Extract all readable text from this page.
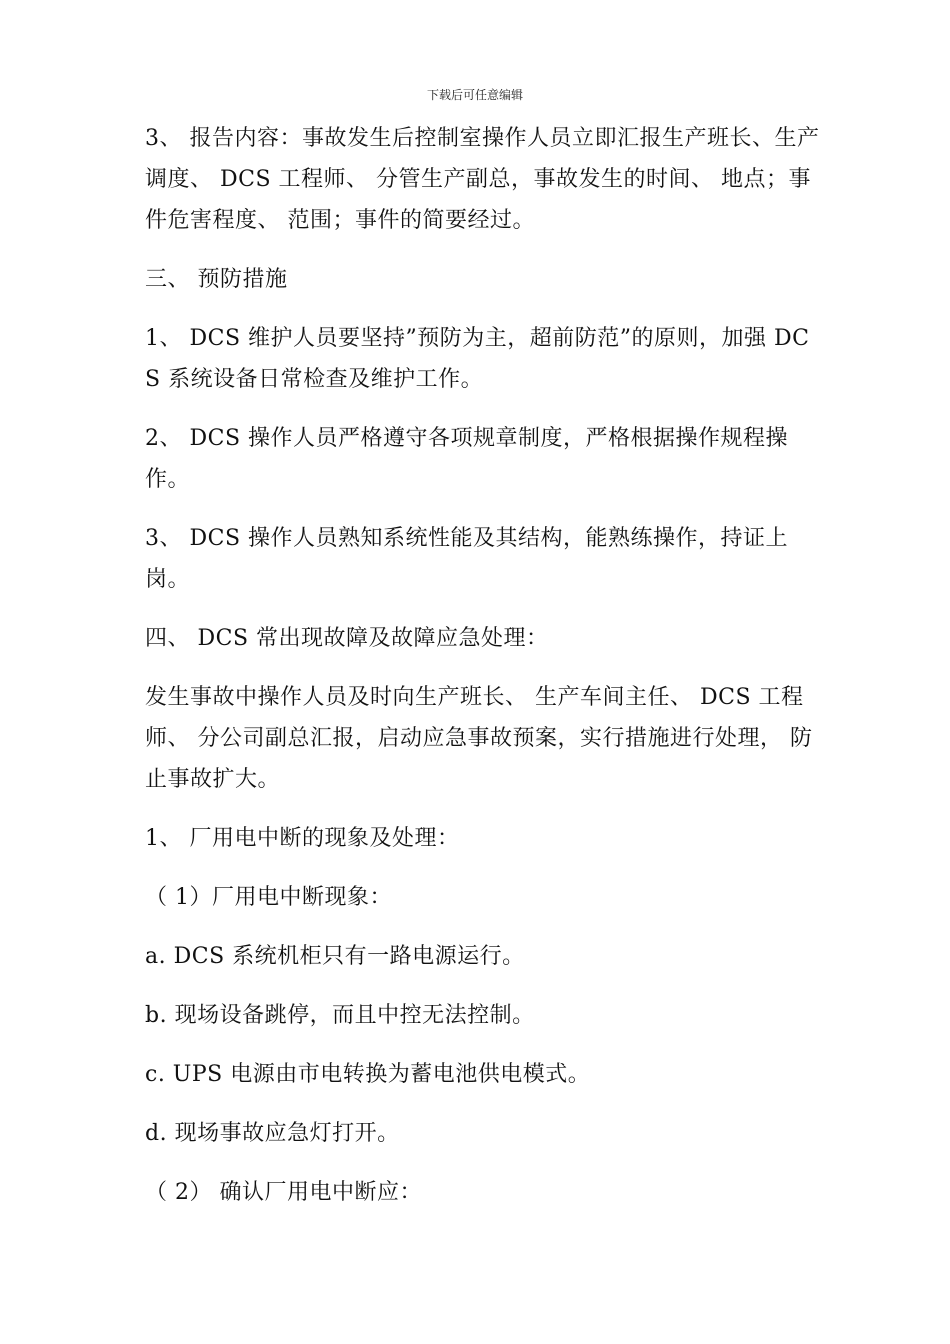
下载后可任意编辑

3、 报告内容：事故发生后控制室操作人员立即汇报生产班长、生产调度、 DCS 工程师、 分管生产副总，事故发生的时间、 地点；事件危害程度、 范围；事件的简要经过。

三、 预防措施

1、 DCS 维护人员要坚持”预防为主，超前防范”的原则，加强 DCS 系统设备日常检查及维护工作。

2、 DCS 操作人员严格遵守各项规章制度，严格根据操作规程操作。

3、 DCS 操作人员熟知系统性能及其结构，能熟练操作，持证上岗。

四、 DCS 常出现故障及故障应急处理：

发生事故中操作人员及时向生产班长、 生产车间主任、 DCS 工程师、 分公司副总汇报，启动应急事故预案，实行措施进行处理， 防止事故扩大。

1、 厂用电中断的现象及处理：

（ 1）厂用电中断现象：

a. DCS 系统机柜只有一路电源运行。

b. 现场设备跳停，而且中控无法控制。

c. UPS 电源由市电转换为蓄电池供电模式。

d. 现场事故应急灯打开。

（ 2） 确认厂用电中断应：
